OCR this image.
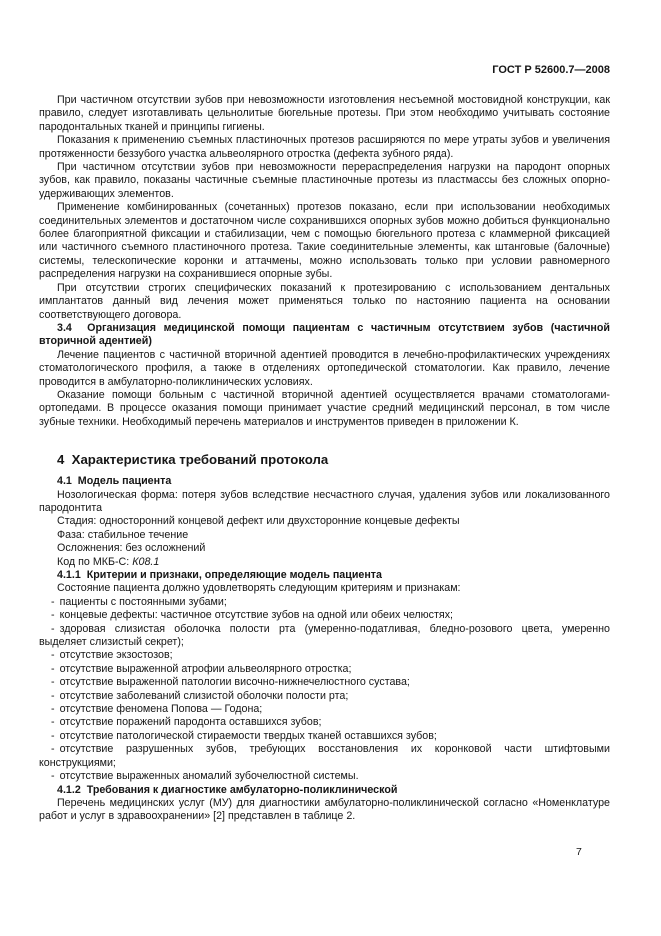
ГОСТ Р 52600.7—2008

При частичном отсутствии зубов при невозможности изготовления несъемной мостовидной конструкции, как правило, следует изготавливать цельнолитые бюгельные протезы. При этом необходимо учитывать состояние пародонтальных тканей и принципы гигиены.

Показания к применению съемных пластиночных протезов расширяются по мере утраты зубов и увеличения протяженности беззубого участка альвеолярного отростка (дефекта зубного ряда).

При частичном отсутствии зубов при невозможности перераспределения нагрузки на пародонт опорных зубов, как правило, показаны частичные съемные пластиночные протезы из пластмассы без сложных опорно-удерживающих элементов.

Применение комбинированных (сочетанных) протезов показано, если при использовании необходимых соединительных элементов и достаточном числе сохранившихся опорных зубов можно добиться функционально более благоприятной фиксации и стабилизации, чем с помощью бюгельного протеза с кламмерной фиксацией или частичного съемного пластиночного протеза. Такие соединительные элементы, как штанговые (балочные) системы, телескопические коронки и аттачмены, можно использовать только при условии равномерного распределения нагрузки на сохранившиеся опорные зубы.

При отсутствии строгих специфических показаний к протезированию с использованием дентальных имплантатов данный вид лечения может применяться только по настоянию пациента на основании соответствующего договора.

3.4  Организация медицинской помощи пациентам с частичным отсутствием зубов (частичной вторичной адентией)

Лечение пациентов с частичной вторичной адентией проводится в лечебно-профилактических учреждениях стоматологического профиля, а также в отделениях ортопедической стоматологии. Как правило, лечение проводится в амбулаторно-поликлинических условиях.

Оказание помощи больным с частичной вторичной адентией осуществляется врачами стоматологами-ортопедами. В процессе оказания помощи принимает участие средний медицинский персонал, в том числе зубные техники. Необходимый перечень материалов и инструментов приведен в приложении К.

4  Характеристика требований протокола

4.1  Модель пациента

Нозологическая форма: потеря зубов вследствие несчастного случая, удаления зубов или локализованного пародонтита

Стадия: односторонний концевой дефект или двухсторонние концевые дефекты

Фаза: стабильное течение

Осложнения: без осложнений

Код по МКБ-С: К08.1

4.1.1  Критерии и признаки, определяющие модель пациента

Состояние пациента должно удовлетворять следующим критериям и признакам:

- пациенты с постоянными зубами;

- концевые дефекты: частичное отсутствие зубов на одной или обеих челюстях;

- здоровая слизистая оболочка полости рта (умеренно-податливая, бледно-розового цвета, умеренно выделяет слизистый секрет);

- отсутствие экзостозов;

- отсутствие выраженной атрофии альвеолярного отростка;

- отсутствие выраженной патологии височно-нижнечелюстного сустава;

- отсутствие заболеваний слизистой оболочки полости рта;

- отсутствие феномена Попова — Годона;

- отсутствие поражений пародонта оставшихся зубов;

- отсутствие патологической стираемости твердых тканей оставшихся зубов;

- отсутствие разрушенных зубов, требующих восстановления их коронковой части штифтовыми конструкциями;

- отсутствие выраженных аномалий зубочелюстной системы.

4.1.2  Требования к диагностике амбулаторно-поликлинической

Перечень медицинских услуг (МУ) для диагностики амбулаторно-поликлинической согласно «Номенклатуре работ и услуг в здравоохранении» [2] представлен в таблице 2.

7
